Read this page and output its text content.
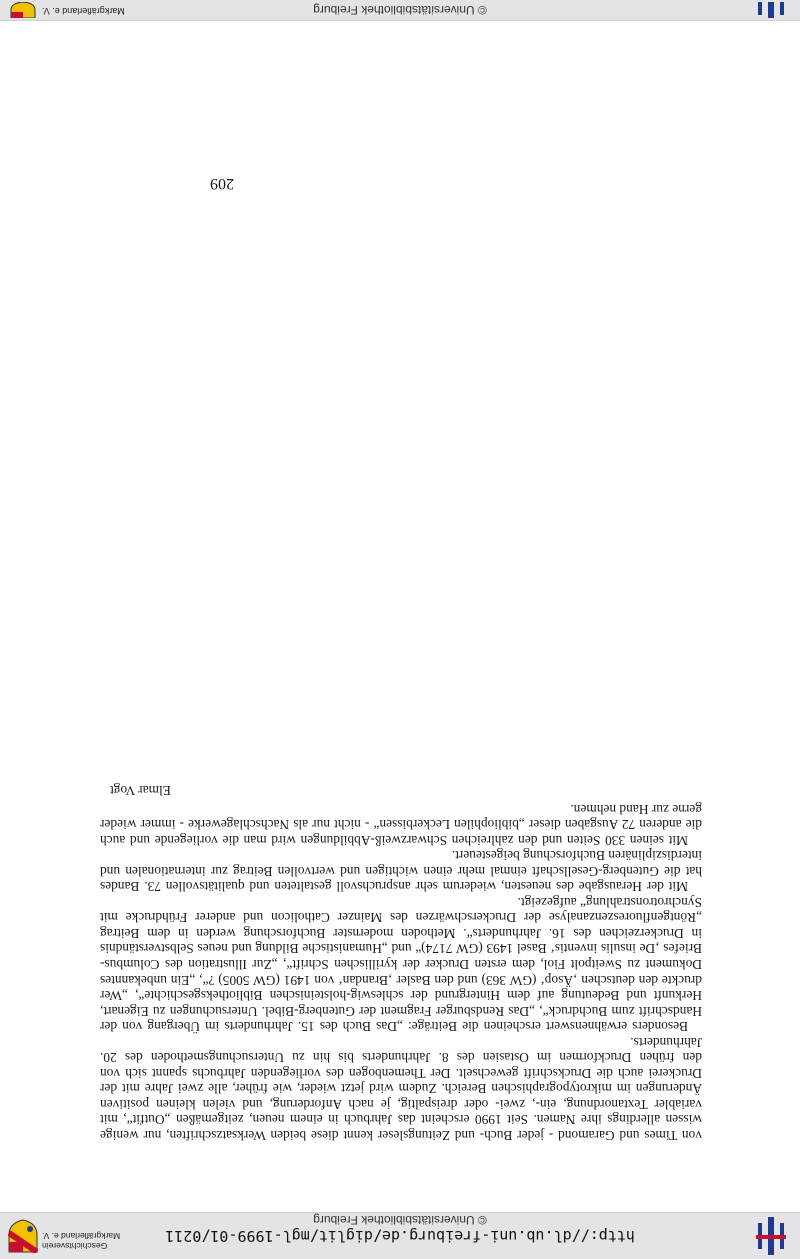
http://dl.ub.uni-freiburg.de/diglit/mgl-1999-01/0211
© Universitätsbibliothek Freiburg
Geschichtsverein
Markgräflerland e. V.
209

von Times und Garamond - jeder Buch- und Zeitungsleser kennt diese beiden Werksatzschriften, nur wenige wissen allerdings ihre Namen. Seit 1990 erscheint das Jahrbuch in einem neuen, zeitgemäßen „Outfit“, mit variabler Textanordnung, ein-, zwei- oder dreispaltig, je nach Anforderung, und vielen kleinen positiven Änderungen im mikrotypographischen Bereich. Zudem wird jetzt wieder, wie früher, alle zwei Jahre mit der Druckerei auch die Druckschrift gewechselt. Der Themenbogen des vorliegenden Jahrbuchs spannt sich von den frühen Druckformen im Ostasien des 8. Jahrhunderts bis hin zu Untersuchungsmethoden des 20. Jahrhunderts.

Besonders erwähnenswert erscheinen die Beiträge: „Das Buch des 15. Jahrhunderts im Übergang von der Handschrift zum Buchdruck“, „Das Rendsburger Fragment der Gutenberg-Bibel. Untersuchungen zu Eigenart, Herkunft und Bedeutung auf dem Hintergrund der schleswig-holsteinischen Bibliotheksgeschichte“, „Wer druckte den deutschen ‚Äsop‘ (GW 363) und den Basler ‚Brandan‘ von 1491 (GW 5005) ?“, „Ein unbekanntes Dokument zu Sweitpolt Fiol, dem ersten Drucker der kyrillischen Schrift“, „Zur Illustration des Columbus-Briefes ‚De insulis inventis‘ Basel 1493 (GW 7174)“ und „Humanistische Bildung und neues Selbstverständnis in Druckerzeichen des 16. Jahrhunderts“. Methoden modernster Buchforschung werden in dem Beitrag „Röntgenfluoreszenzanalyse der Druckerschwärzen des Mainzer Catholicon und anderer Frühdrucke mit Synchrotronstrahlung“ aufgezeigt.

Mit der Herausgabe des neuesten, wiederum sehr anspruchsvoll gestalteten und qualitätsvollen 73. Bandes hat die Gutenberg-Gesellschaft einmal mehr einen wichtigen und wertvollen Beitrag zur internationalen und interdisziplinären Buchforschung beigesteuert.

Mit seinen 330 Seiten und den zahlreichen Schwarzweiß-Abbildungen wird man die vorliegende und auch die anderen 72 Ausgaben dieser „bibliophilen Leckerbissen“ - nicht nur als Nachschlagewerke - immer wieder gerne zur Hand nehmen.

Elmar Vogt

© Universitätsbibliothek Freiburg
Markgräflerland e. V.
